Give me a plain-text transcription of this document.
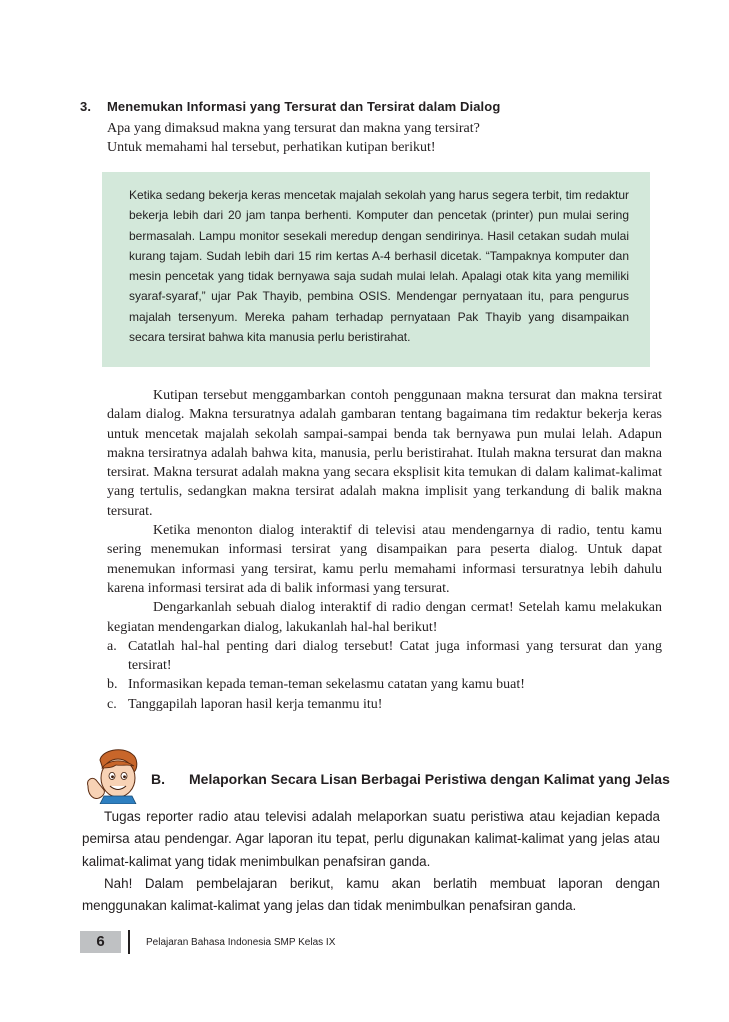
3. Menemukan Informasi yang Tersurat dan Tersirat dalam Dialog
Apa yang dimaksud makna yang tersurat dan makna yang tersirat?
Untuk memahami hal tersebut, perhatikan kutipan berikut!
Ketika sedang bekerja keras mencetak majalah sekolah yang harus segera terbit, tim redaktur bekerja lebih dari 20 jam tanpa berhenti. Komputer dan pencetak (printer) pun mulai sering bermasalah. Lampu monitor sesekali meredup dengan sendirinya. Hasil cetakan sudah mulai kurang tajam. Sudah lebih dari 15 rim kertas A-4 berhasil dicetak. “Tampaknya komputer dan mesin pencetak yang tidak bernyawa saja sudah mulai lelah. Apalagi otak kita yang memiliki syaraf-syaraf,” ujar Pak Thayib, pembina OSIS. Mendengar pernyataan itu, para pengurus majalah tersenyum. Mereka paham terhadap pernyataan Pak Thayib yang disampaikan secara tersirat bahwa kita manusia perlu beristirahat.

Kutipan tersebut menggambarkan contoh penggunaan makna tersurat dan makna tersirat dalam dialog. Makna tersuratnya adalah gambaran tentang bagaimana tim redaktur bekerja keras untuk mencetak majalah sekolah sampai-sampai benda tak bernyawa pun mulai lelah. Adapun makna tersiratnya adalah bahwa kita, manusia, perlu beristirahat. Itulah makna tersurat dan makna tersirat. Makna tersurat adalah makna yang secara eksplisit kita temukan di dalam kalimat-kalimat yang tertulis, sedangkan makna tersirat adalah makna implisit yang terkandung di balik makna tersurat.

Ketika menonton dialog interaktif di televisi atau mendengarnya di radio, tentu kamu sering menemukan informasi tersirat yang disampaikan para peserta dialog. Untuk dapat menemukan informasi yang tersirat, kamu perlu memahami informasi tersuratnya lebih dahulu karena informasi tersirat ada di balik informasi yang tersurat.

Dengarkanlah sebuah dialog interaktif di radio dengan cermat! Setelah kamu melakukan kegiatan mendengarkan dialog, lakukanlah hal-hal berikut!

a. Catatlah hal-hal penting dari dialog tersebut! Catat juga informasi yang tersurat dan yang tersirat!
b. Informasikan kepada teman-teman sekelasmu catatan yang kamu buat!
c. Tanggapilah laporan hasil kerja temanmu itu!
B. Melaporkan Secara Lisan Berbagai Peristiwa dengan Kalimat yang Jelas

Tugas reporter radio atau televisi adalah melaporkan suatu peristiwa atau kejadian kepada pemirsa atau pendengar. Agar laporan itu tepat, perlu digunakan kalimat-kalimat yang jelas atau kalimat-kalimat yang tidak menimbulkan penafsiran ganda.

Nah! Dalam pembelajaran berikut, kamu akan berlatih membuat laporan dengan menggunakan kalimat-kalimat yang jelas dan tidak menimbulkan penafsiran ganda.

6	Pelajaran Bahasa Indonesia SMP Kelas IX
